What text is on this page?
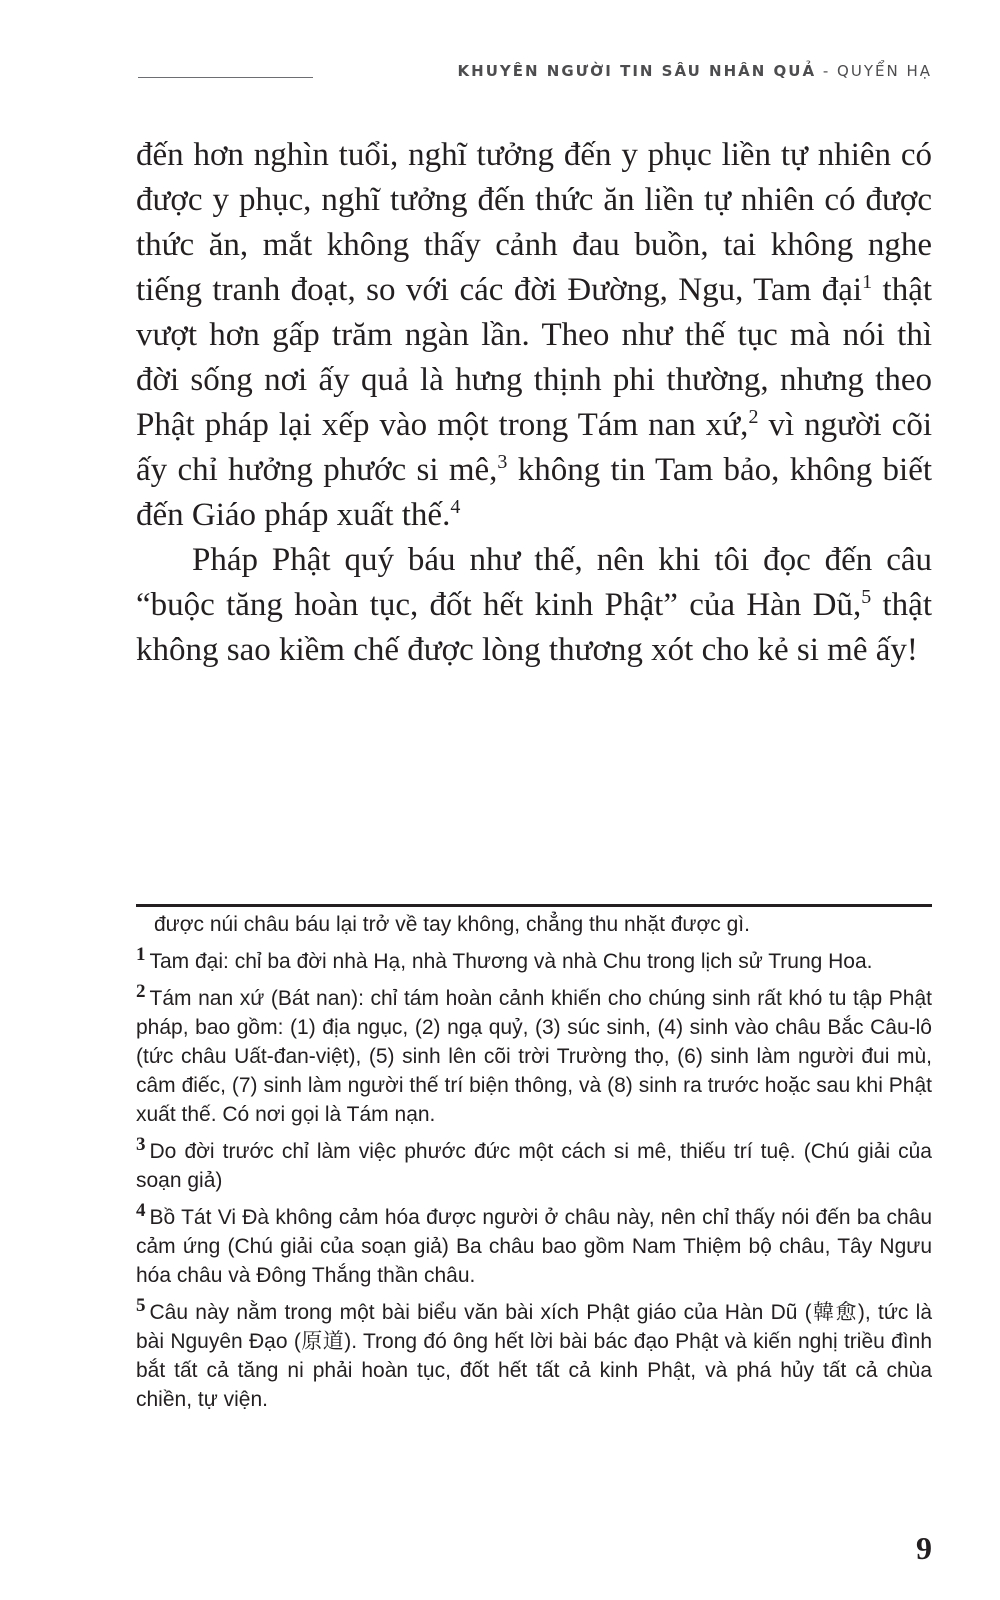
KHUYÊN NGƯỜI TIN SÂU NHÂN QUẢ - QUYỂN HẠ

đến hơn nghìn tuổi, nghĩ tưởng đến y phục liền tự nhiên có được y phục, nghĩ tưởng đến thức ăn liền tự nhiên có được thức ăn, mắt không thấy cảnh đau buồn, tai không nghe tiếng tranh đoạt, so với các đời Đường, Ngu, Tam đại$^1$ thật vượt hơn gấp trăm ngàn lần. Theo như thế tục mà nói thì đời sống nơi ấy quả là hưng thịnh phi thường, nhưng theo Phật pháp lại xếp vào một trong Tám nan xứ,$^2$ vì người cõi ấy chỉ hưởng phước si mê,$^3$ không tin Tam bảo, không biết đến Giáo pháp xuất thế.$^4$

Pháp Phật quý báu như thế, nên khi tôi đọc đến câu “buộc tăng hoàn tục, đốt hết kinh Phật” của Hàn Dũ,$^5$ thật không sao kiềm chế được lòng thương xót cho kẻ si mê ấy!

được núi châu báu lại trở về tay không, chẳng thu nhặt được gì.

1 Tam đại: chỉ ba đời nhà Hạ, nhà Thương và nhà Chu trong lịch sử Trung Hoa.

2 Tám nan xứ (Bát nan): chỉ tám hoàn cảnh khiến cho chúng sinh rất khó tu tập Phật pháp, bao gồm: (1) địa ngục, (2) ngạ quỷ, (3) súc sinh, (4) sinh vào châu Bắc Câu-lô (tức châu Uất-đan-việt), (5) sinh lên cõi trời Trường thọ, (6) sinh làm người đui mù, câm điếc, (7) sinh làm người thế trí biện thông, và (8) sinh ra trước hoặc sau khi Phật xuất thế. Có nơi gọi là Tám nạn.

3 Do đời trước chỉ làm việc phước đức một cách si mê, thiếu trí tuệ. (Chú giải của soạn giả)

4 Bồ Tát Vi Đà không cảm hóa được người ở châu này, nên chỉ thấy nói đến ba châu cảm ứng (Chú giải của soạn giả) Ba châu bao gồm Nam Thiệm bộ châu, Tây Ngưu hóa châu và Đông Thắng thần châu.

5 Câu này nằm trong một bài biểu văn bài xích Phật giáo của Hàn Dũ (韓愈), tức là bài Nguyên Đạo (原道). Trong đó ông hết lời bài bác đạo Phật và kiến nghị triều đình bắt tất cả tăng ni phải hoàn tục, đốt hết tất cả kinh Phật, và phá hủy tất cả chùa chiền, tự viện.

9
